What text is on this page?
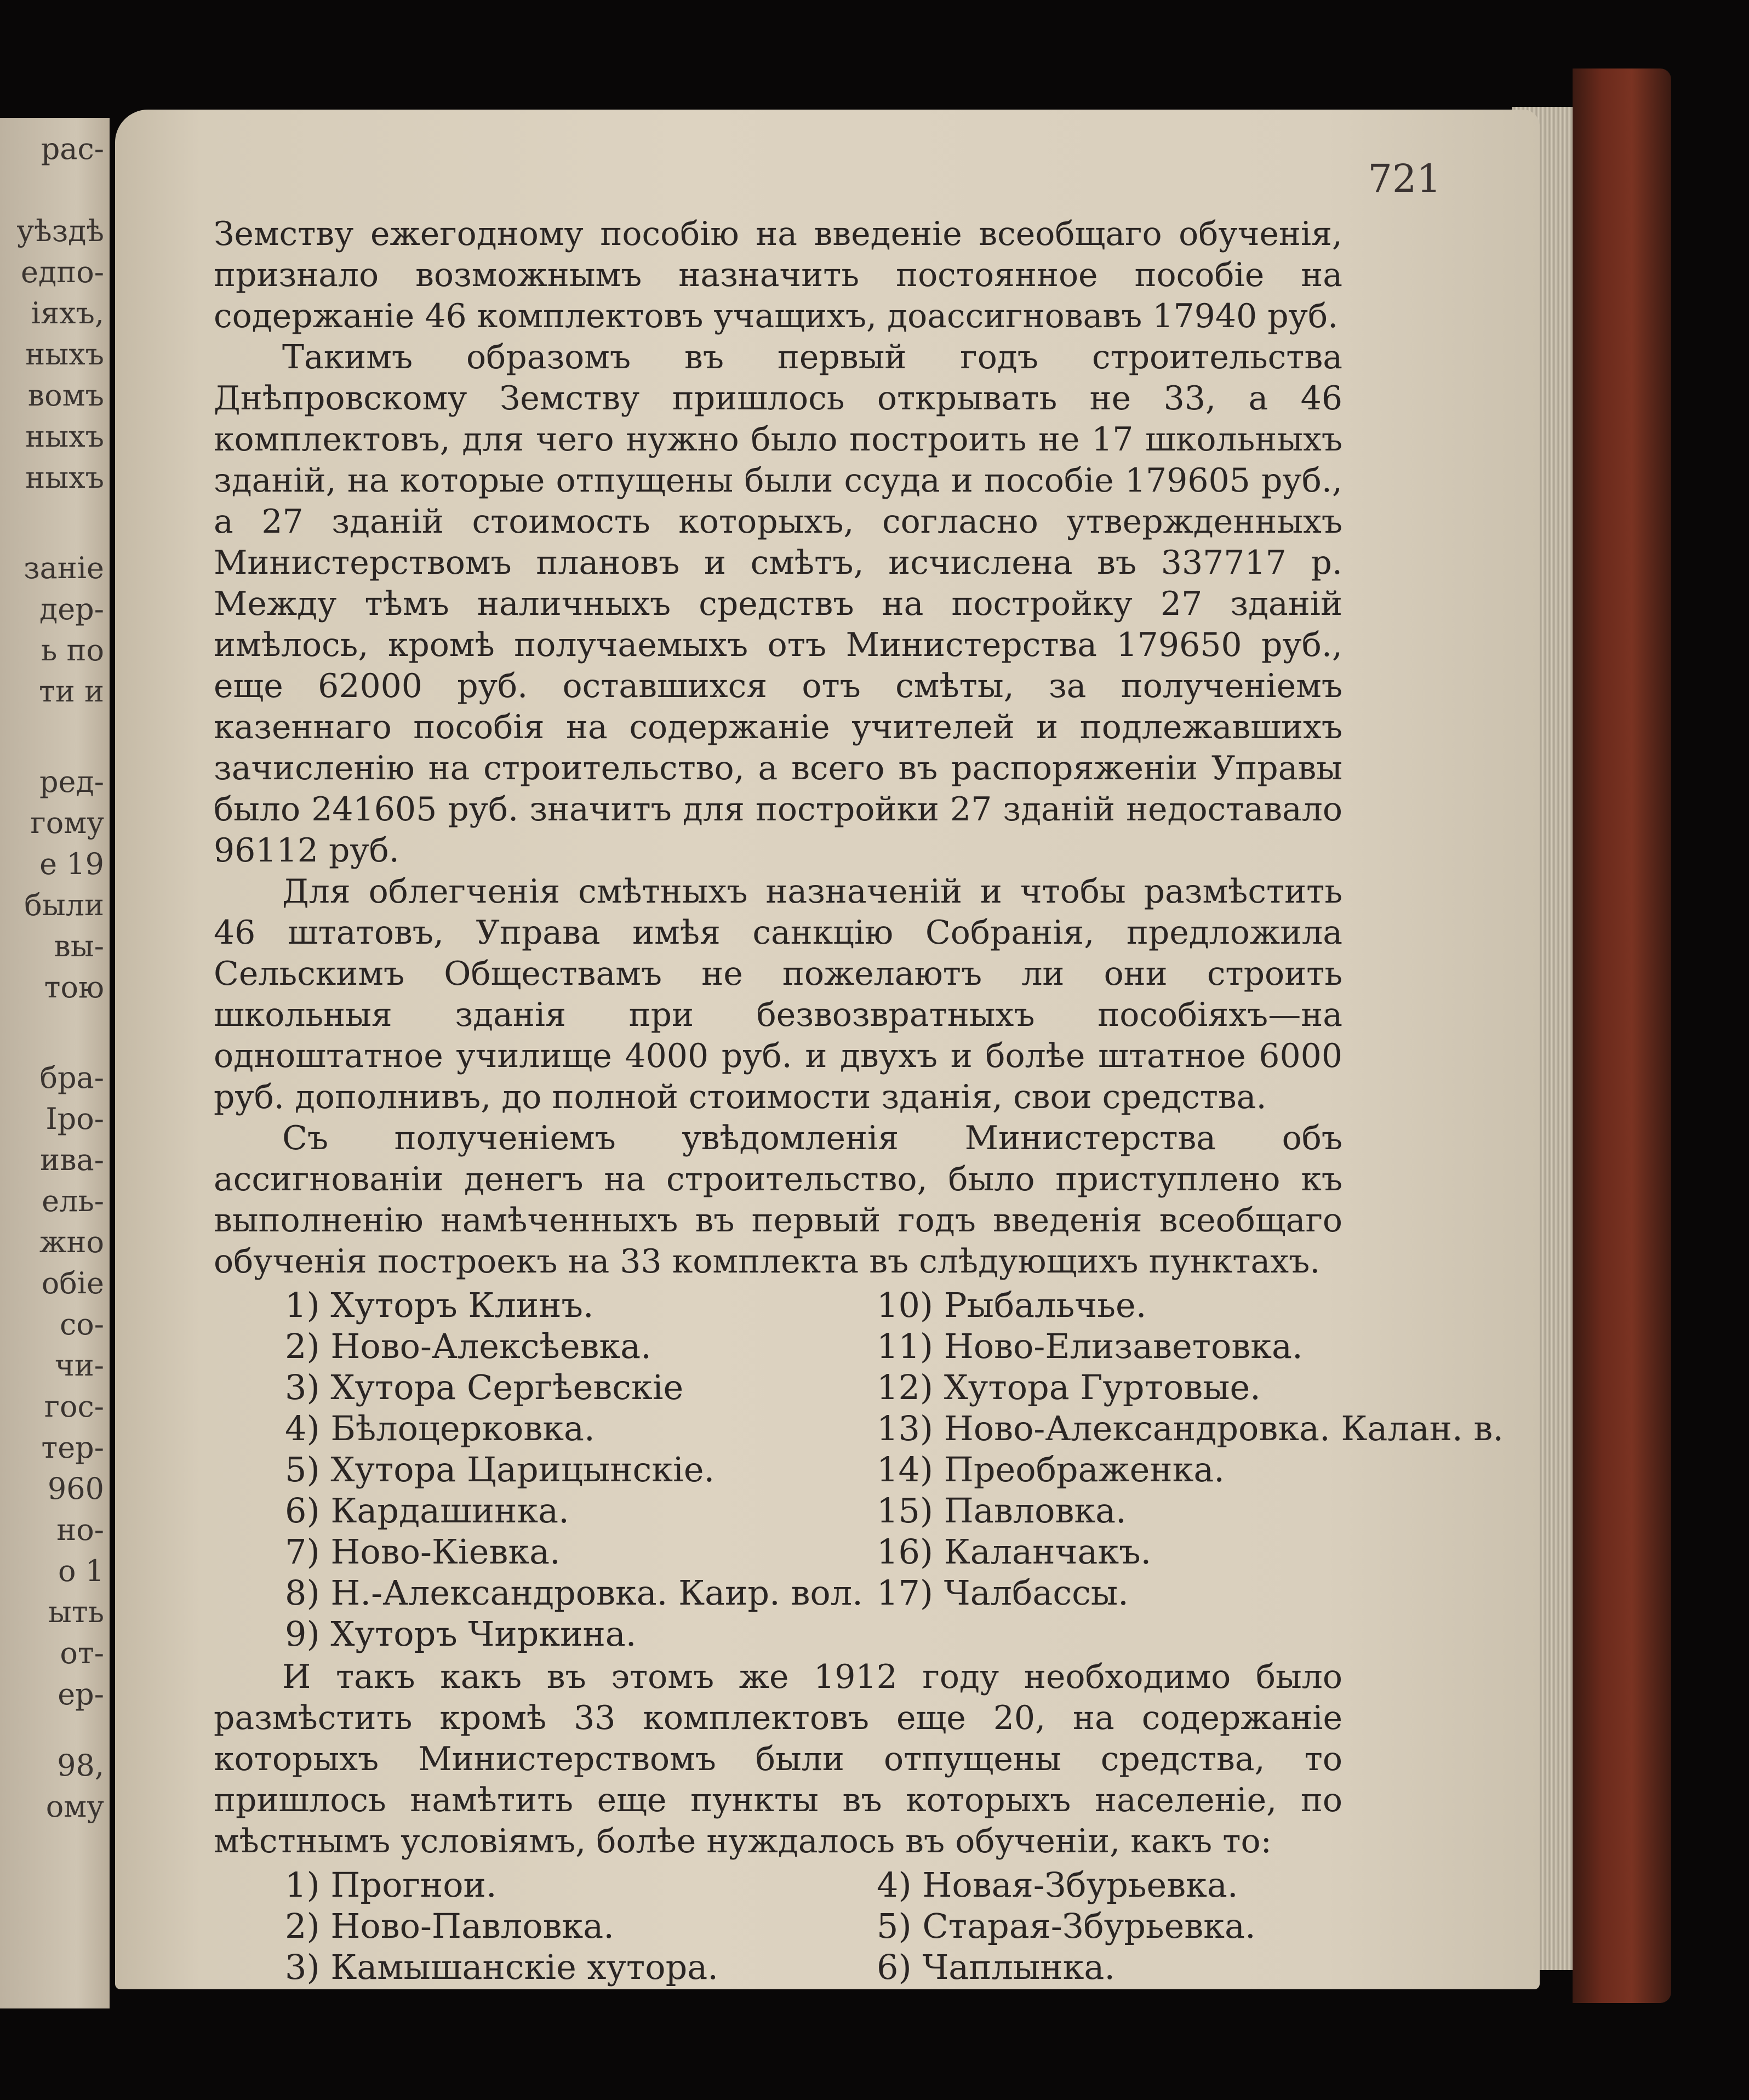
рас-
уѣздѣ
едпо-
іяхъ,
ныхъ
вомъ
ныхъ
ныхъ
заніе
дер-
ь по
ти и
ред-
гому
е 19
были
вы-
тою
бра-
Іро-
ива-
ель-
жно
обіе
со-
чи-
гос-
тер-
960
но-
о 1
ыть
от-
ер-
98,
ому
721

Земству ежегодному пособію на введеніе всеобщаго обученія, признало возможнымъ назначить постоянное пособіе на содержаніе 46 комплектовъ учащихъ, доассигновавъ 17940 руб.

Такимъ образомъ въ первый годъ строительства Днѣпровскому Земству пришлось открывать не 33, а 46 комплектовъ, для чего нужно было построить не 17 школьныхъ зданій, на которые отпущены были ссуда и пособіе 179605 руб., а 27 зданій стоимость которыхъ, согласно утвержденныхъ Министерствомъ плановъ и смѣтъ, исчислена въ 337717 р. Между тѣмъ наличныхъ средствъ на постройку 27 зданій имѣлось, кромѣ получаемыхъ отъ Министерства 179650 руб., еще 62000 руб. оставшихся отъ смѣты, за полученіемъ казеннаго пособія на содержаніе учителей и подлежавшихъ зачисленію на строительство, а всего въ распоряженіи Управы было 241605 руб. значитъ для постройки 27 зданій недоставало 96112 руб.

Для облегченія смѣтныхъ назначеній и чтобы размѣстить 46 штатовъ, Управа имѣя санкцію Собранія, предложила Сельскимъ Обществамъ не пожелаютъ ли они строить школьныя зданія при безвозвратныхъ пособіяхъ—на одноштатное училище 4000 руб. и двухъ и болѣе штатное 6000 руб. дополнивъ, до полной стоимости зданія, свои средства.

Съ полученіемъ увѣдомленія Министерства объ ассигнованіи денегъ на строительство, было приступлено къ выполненію намѣченныхъ въ первый годъ введенія всеобщаго обученія построекъ на 33 комплекта въ слѣдующихъ пунктахъ.

1) Хуторъ Клинъ.	10) Рыбальчье.
2) Ново-Алексѣевка.	11) Ново-Елизаветовка.
3) Хутора Сергѣевскіе	12) Хутора Гуртовые.
4) Бѣлоцерковка.	13) Ново-Александровка. Калан. в.
5) Хутора Царицынскіе.	14) Преображенка.
6) Кардашинка.	15) Павловка.
7) Ново-Кіевка.	16) Каланчакъ.
8) Н.-Александровка. Каир. вол. 17) Чалбассы.
9) Хуторъ Чиркина.

И такъ какъ въ этомъ же 1912 году необходимо было размѣстить кромѣ 33 комплектовъ еще 20, на содержаніе которыхъ Министерствомъ были отпущены средства, то пришлось намѣтить еще пункты въ которыхъ населеніе, по мѣстнымъ условіямъ, болѣе нуждалось въ обученіи, какъ то:

1) Прогнои.	4) Новая-Збурьевка.
2) Ново-Павловка.	5) Старая-Збурьевка.
3) Камышанскіе хутора.	6) Чаплынка.
